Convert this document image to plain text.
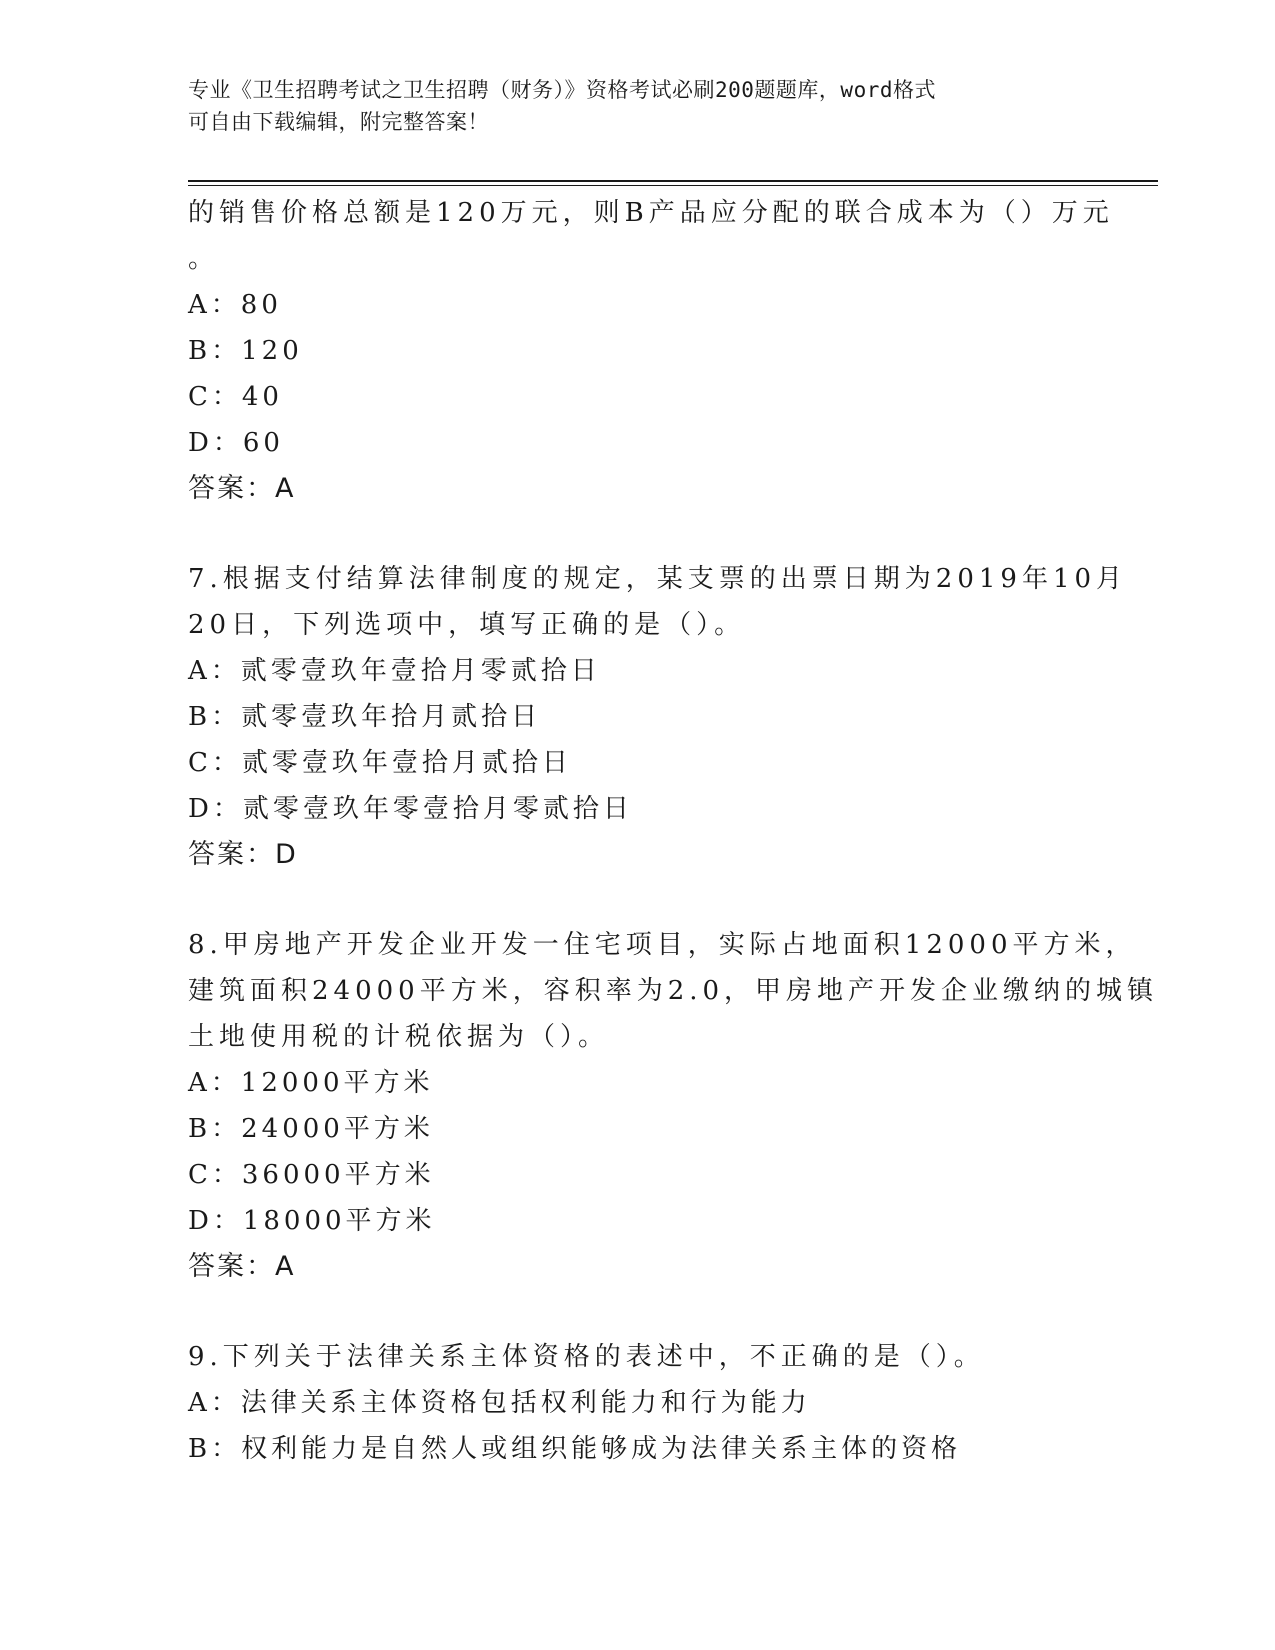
专业《卫生招聘考试之卫生招聘（财务）》资格考试必刷200题题库，word格式
可自由下载编辑，附完整答案！
的销售价格总额是120万元，则B产品应分配的联合成本为（）万元
。
A：80
B：120
C：40
D：60
答案：A
7.根据支付结算法律制度的规定，某支票的出票日期为2019年10月
20日，下列选项中，填写正确的是（）。
A：贰零壹玖年壹拾月零贰拾日
B：贰零壹玖年拾月贰拾日
C：贰零壹玖年壹拾月贰拾日
D：贰零壹玖年零壹拾月零贰拾日
答案：D
8.甲房地产开发企业开发一住宅项目，实际占地面积12000平方米，
建筑面积24000平方米，容积率为2.0，甲房地产开发企业缴纳的城镇
土地使用税的计税依据为（）。
A：12000平方米
B：24000平方米
C：36000平方米
D：18000平方米
答案：A
9.下列关于法律关系主体资格的表述中，不正确的是（）。
A：法律关系主体资格包括权利能力和行为能力
B：权利能力是自然人或组织能够成为法律关系主体的资格
